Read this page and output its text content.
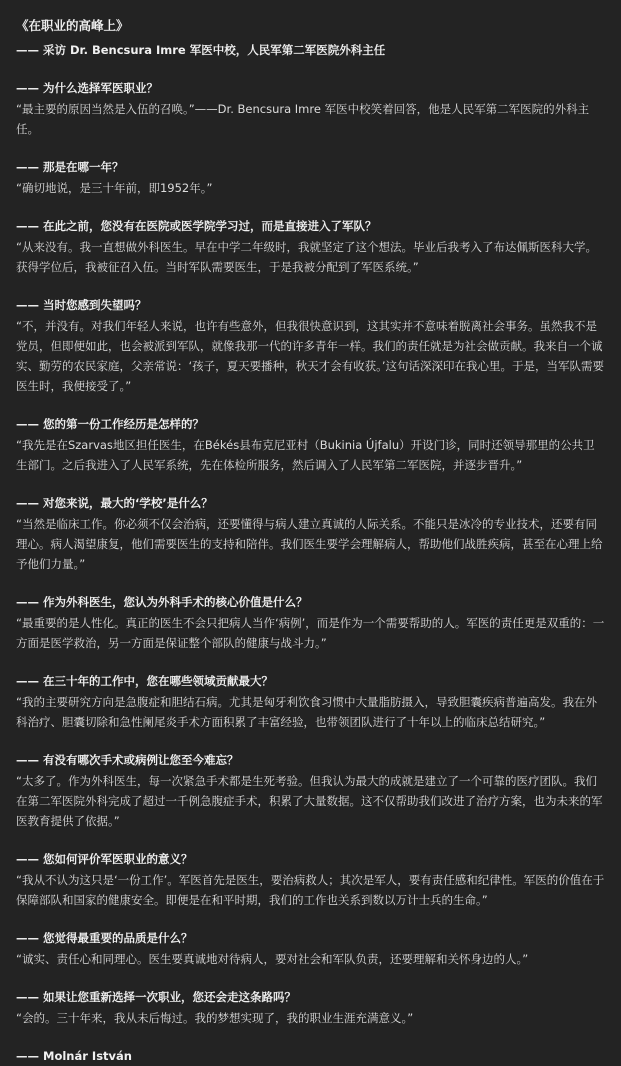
《在职业的高峰上》
—— 采访 Dr. Bencsura Imre 军医中校，人民军第二军医院外科主任
—— 为什么选择军医职业？
“最主要的原因当然是入伍的召唤。”——Dr. Bencsura Imre 军医中校笑着回答，他是人民军第二军医院的外科主任。
—— 那是在哪一年？
“确切地说，是三十年前，即1952年。”
—— 在此之前，您没有在医院或医学院学习过，而是直接进入了军队？
“从来没有。我一直想做外科医生。早在中学二年级时，我就坚定了这个想法。毕业后我考入了布达佩斯医科大学。获得学位后，我被征召入伍。当时军队需要医生，于是我被分配到了军医系统。”
—— 当时您感到失望吗？
“不，并没有。对我们年轻人来说，也许有些意外，但我很快意识到，这其实并不意味着脱离社会事务。虽然我不是党员，但即便如此，也会被派到军队，就像我那一代的许多青年一样。我们的责任就是为社会做贡献。我来自一个诚实、勤劳的农民家庭，父亲常说：‘孩子，夏天要播种，秋天才会有收获。’这句话深深印在我心里。于是，当军队需要医生时，我便接受了。”
—— 您的第一份工作经历是怎样的？
“我先是在Szarvas地区担任医生，在Békés县布克尼亚村（Bukinia Újfalu）开设门诊，同时还领导那里的公共卫生部门。之后我进入了人民军系统，先在体检所服务，然后调入了人民军第二军医院，并逐步晋升。”
—— 对您来说，最大的‘学校’是什么？
“当然是临床工作。你必须不仅会治病，还要懂得与病人建立真诚的人际关系。不能只是冰冷的专业技术，还要有同理心。病人渴望康复，他们需要医生的支持和陪伴。我们医生要学会理解病人，帮助他们战胜疾病，甚至在心理上给予他们力量。”
—— 作为外科医生，您认为外科手术的核心价值是什么？
“最重要的是人性化。真正的医生不会只把病人当作‘病例’，而是作为一个需要帮助的人。军医的责任更是双重的：一方面是医学救治，另一方面是保证整个部队的健康与战斗力。”
—— 在三十年的工作中，您在哪些领域贡献最大？
“我的主要研究方向是急腹症和胆结石病。尤其是匈牙利饮食习惯中大量脂肪摄入，导致胆囊疾病普遍高发。我在外科治疗、胆囊切除和急性阑尾炎手术方面积累了丰富经验，也带领团队进行了十年以上的临床总结研究。”
—— 有没有哪次手术或病例让您至今难忘？
“太多了。作为外科医生，每一次紧急手术都是生死考验。但我认为最大的成就是建立了一个可靠的医疗团队。我们在第二军医院外科完成了超过一千例急腹症手术，积累了大量数据。这不仅帮助我们改进了治疗方案，也为未来的军医教育提供了依据。”
—— 您如何评价军医职业的意义？
“我从不认为这只是‘一份工作’。军医首先是医生，要治病救人；其次是军人，要有责任感和纪律性。军医的价值在于保障部队和国家的健康安全。即便是在和平时期，我们的工作也关系到数以万计士兵的生命。”
—— 您觉得最重要的品质是什么？
“诚实、责任心和同理心。医生要真诚地对待病人，要对社会和军队负责，还要理解和关怀身边的人。”
—— 如果让您重新选择一次职业，您还会走这条路吗？
“会的。三十年来，我从未后悔过。我的梦想实现了，我的职业生涯充满意义。”
—— Molnár István
